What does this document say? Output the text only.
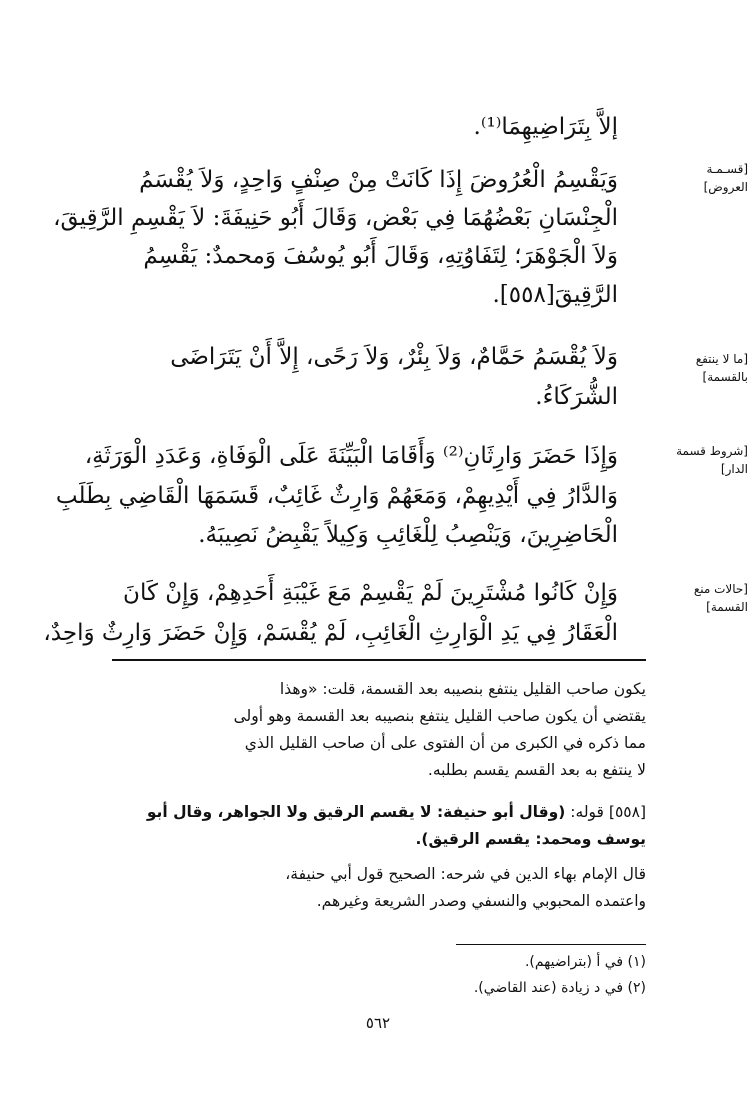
إلاَّ بِتَرَاضِيهِمَا⁽¹⁾.
[قسـمـة
العروض]
وَيَقْسِمُ الْعُرُوضَ إِذَا كَانَتْ مِنْ صِنْفٍ وَاحِدٍ، وَلاَ يُقْسَمُ
الْجِنْسَانِ بَعْضُهُمَا فِي بَعْض، وَقَالَ أَبُو حَنِيفَةَ: لاَ يَقْسِمِ الرَّقِيقَ،
وَلاَ الْجَوْهَرَ؛ لِتَفَاوُتِهِ، وَقَالَ أَبُو يُوسُفَ وَمحمدٌ: يَقْسِمُ
الرَّقِيقَ[٥٥٨].
[ما لا ينتفع
بالقسمة]
وَلاَ يُقْسَمُ حَمَّامٌ، وَلاَ بِئْرٌ، وَلاَ رَحًى، إِلاَّ أَنْ يَتَرَاضَى
الشُّرَكَاءُ.
[شروط قسمة
الدار]
وَإِذَا حَضَرَ وَارِثَانِ⁽²⁾ وَأَقَامَا الْبَيِّنَةَ عَلَى الْوَفَاةِ، وَعَدَدِ الْوَرَثَةِ،
وَالدَّارُ فِي أَيْدِيهِمْ، وَمَعَهُمْ وَارِثٌ غَائِبٌ، قَسَمَهَا الْقَاضِي بِطَلَبِ
الْحَاضِرِينَ، وَيَنْصِبُ لِلْغَائِبِ وَكِيلاً يَقْبِضُ نَصِيبَهُ.
[حالات منع
القسمة]
وَإِنْ كَانُوا مُشْتَرِينَ لَمْ يَقْسِمْ مَعَ غَيْبَةِ أَحَدِهِمْ، وَإِنْ كَانَ
الْعَقَارُ فِي يَدِ الْوَارِثِ الْغَائِبِ، لَمْ يُقْسَمْ، وَإِنْ حَضَرَ وَارِثٌ وَاحِدٌ،
يكون صاحب القليل ينتفع بنصيبه بعد القسمة، قلت: «وهذا
يقتضي أن يكون صاحب القليل ينتفع بنصيبه بعد القسمة وهو أولى
مما ذكره في الكبرى من أن الفتوى على أن صاحب القليل الذي
لا ينتفع به بعد القسم يقسم بطلبه.
[٥٥٨] قوله: (وقال أبو حنيفة: لا يقسم الرقيق ولا الجواهر، وقال أبو
يوسف ومحمد: يقسم الرقيق).
قال الإمام بهاء الدين في شرحه: الصحيح قول أبي حنيفة،
واعتمده المحبوبي والنسفي وصدر الشريعة وغيرهم.
(١) في أ (بتراضيهم).
(٢) في د زيادة (عند القاضي).
٥٦٢
